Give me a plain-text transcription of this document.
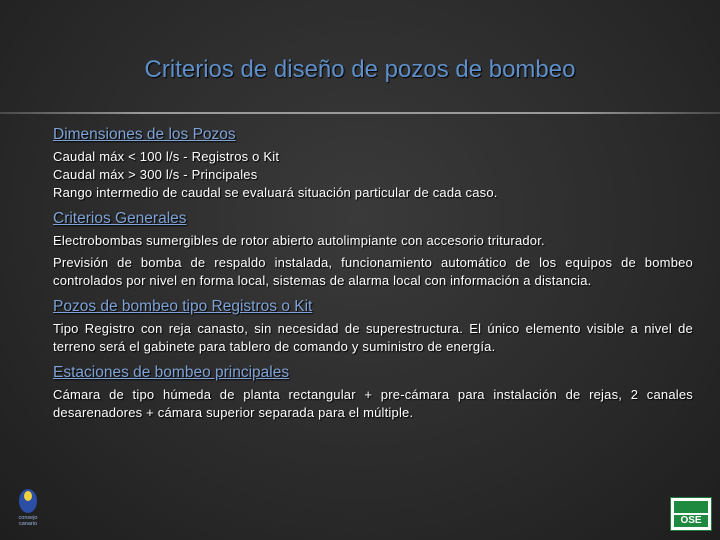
Criterios de diseño de pozos de bombeo
Dimensiones de los Pozos
Caudal máx < 100 l/s - Registros o Kit
Caudal máx > 300 l/s - Principales
Rango intermedio de caudal se evaluará situación particular de cada caso.
Criterios Generales
Electrobombas sumergibles de rotor abierto autolimpiante con accesorio triturador.
Previsión de bomba de respaldo instalada, funcionamiento automático de los equipos de bombeo controlados por nivel en forma local, sistemas de alarma local con información a distancia.
Pozos de bombeo tipo Registros o Kit
Tipo Registro con reja canasto, sin necesidad de superestructura. El único elemento visible a nivel de terreno será el gabinete para tablero de comando y suministro de energía.
Estaciones de bombeo principales
Cámara de tipo húmeda de planta rectangular + pre-cámara para instalación de rejas, 2 canales desarenadores + cámara superior separada para el múltiple.
consejo canario	OSE
